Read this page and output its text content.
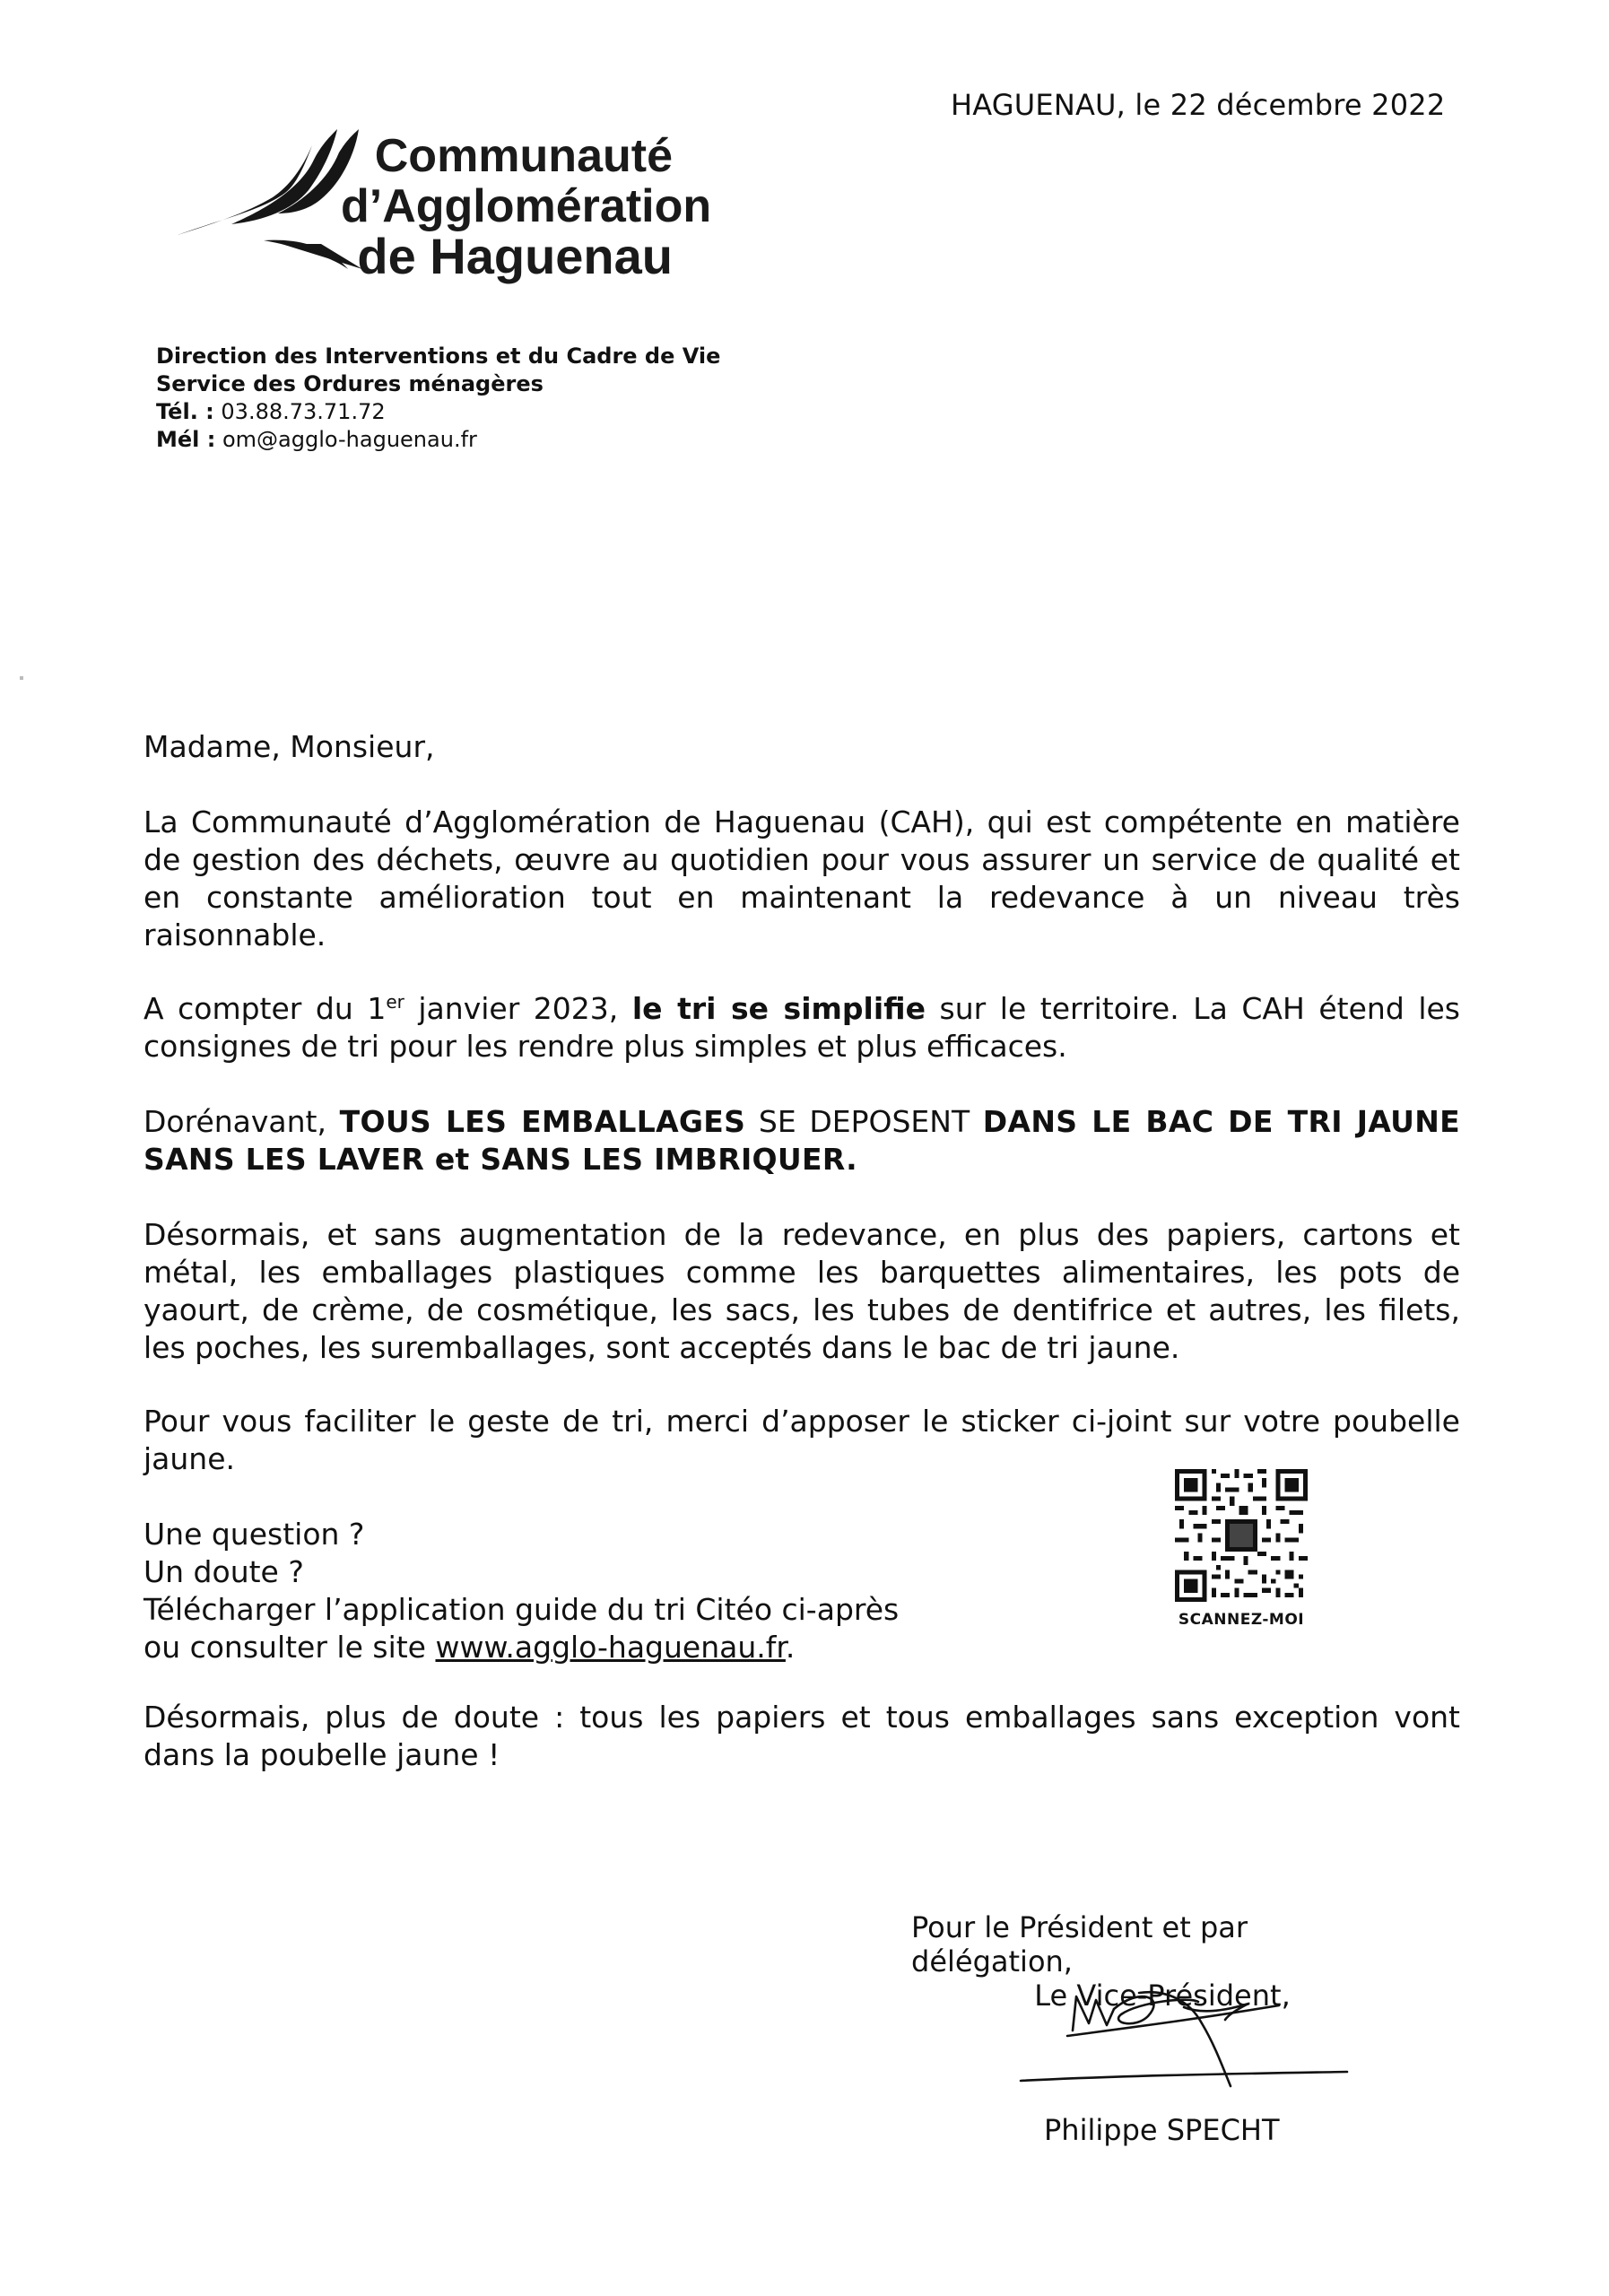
HAGUENAU, le 22 décembre 2022
Communauté
d’Agglomération
de Haguenau
Direction des Interventions et du Cadre de Vie
Service des Ordures ménagères
Tél. : 03.88.73.71.72
Mél : om@agglo-haguenau.fr

Madame, Monsieur,

La Communauté d’Agglomération de Haguenau (CAH), qui est compétente en matière de gestion des déchets, œuvre au quotidien pour vous assurer un service de qualité et en constante amélioration tout en maintenant la redevance à un niveau très raisonnable.

A compter du 1er janvier 2023, le tri se simplifie sur le territoire. La CAH étend les consignes de tri pour les rendre plus simples et plus efficaces.

Dorénavant, TOUS LES EMBALLAGES SE DEPOSENT DANS LE BAC DE TRI JAUNE SANS LES LAVER et SANS LES IMBRIQUER.

Désormais, et sans augmentation de la redevance, en plus des papiers, cartons et métal, les emballages plastiques comme les barquettes alimentaires, les pots de yaourt, de crème, de cosmétique, les sacs, les tubes de dentifrice et autres, les filets, les poches, les suremballages, sont acceptés dans le bac de tri jaune.

Pour vous faciliter le geste de tri, merci d’apposer le sticker ci-joint sur votre poubelle jaune.

Une question ?

Un doute ?

Télécharger l’application guide du tri Citéo ci-après

ou consulter le site www.agglo-haguenau.fr.

Désormais, plus de doute : tous les papiers et tous emballages sans exception vont dans la poubelle jaune !

SCANNEZ-MOI
Pour le Président et par délégation,
Le Vice-Président,
Philippe SPECHT
